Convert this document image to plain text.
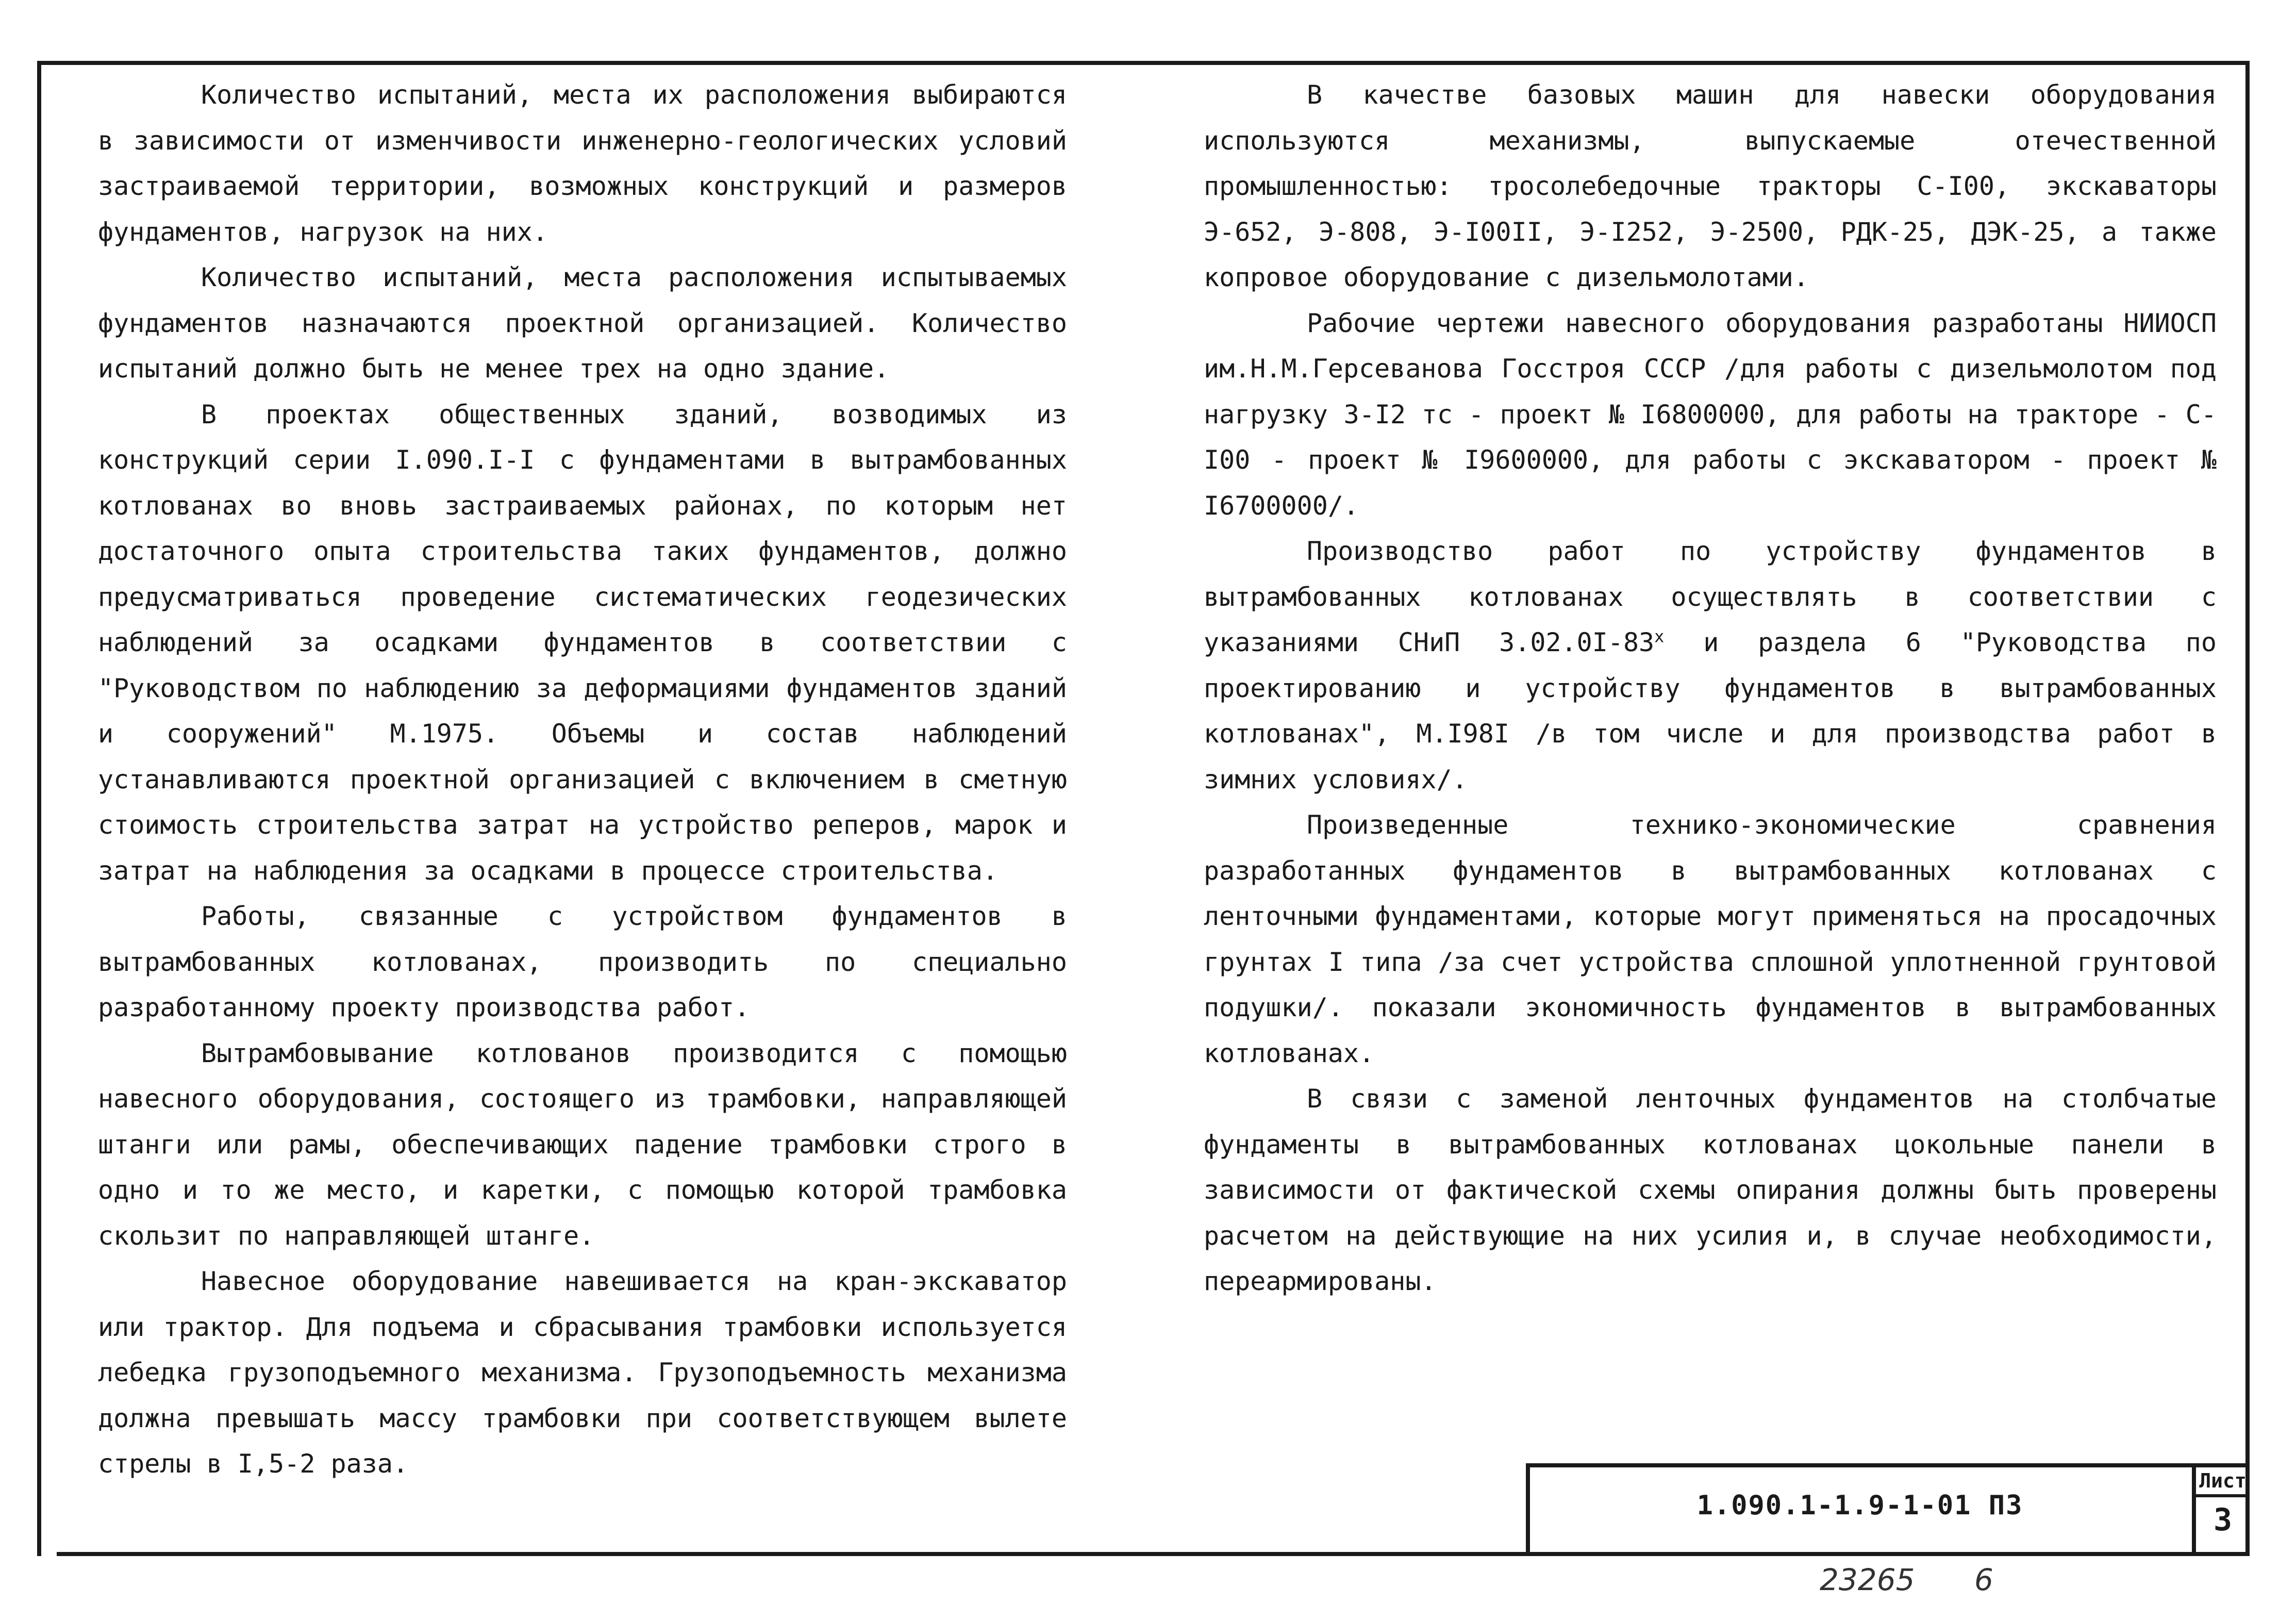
Количество испытаний, места их расположения выбираются в зависимости от изменчивости инженерно-геологических условий застраиваемой территории, возможных конструкций и размеров фундаментов, нагрузок на них.

Количество испытаний, места расположения испытываемых фундаментов назначаются проектной организацией. Количество испытаний должно быть не менее трех на одно здание.

В проектах общественных зданий, возводимых из конструкций серии I.090.I-I с фундаментами в вытрамбованных котлованах во вновь застраиваемых районах, по которым нет достаточного опыта строительства таких фундаментов, должно предусматриваться проведение систематических геодезических наблюдений за осадками фундаментов в соответствии с "Руководством по наблюдению за деформациями фундаментов зданий и сооружений" М.1975. Объемы и состав наблюдений устанавливаются проектной организацией с включением в сметную стоимость строительства затрат на устройство реперов, марок и затрат на наблюдения за осадками в процессе строительства.

Работы, связанные с устройством фундаментов в вытрамбованных котлованах, производить по специально разработанному проекту производства работ.

Вытрамбовывание котлованов производится с помощью навесного оборудования, состоящего из трамбовки, направляющей штанги или рамы, обеспечивающих падение трамбовки строго в одно и то же место, и каретки, с помощью которой трамбовка скользит по направляющей штанге.

Навесное оборудование навешивается на кран-экскаватор или трактор. Для подъема и сбрасывания трамбовки используется лебедка грузоподъемного механизма. Грузоподъемность механизма должна превышать массу трамбовки при соответствующем вылете стрелы в I,5-2 раза.

В качестве базовых машин для навески оборудования используются механизмы, выпускаемые отечественной промышленностью: тросолебедочные тракторы С-I00, экскаваторы Э-652, Э-808, Э-I00II, Э-I252, Э-2500, РДК-25, ДЭК-25, а также копровое оборудование с дизельмолотами.

Рабочие чертежи навесного оборудования разработаны НИИОСП им.Н.М.Герсеванова Госстроя СССР /для работы с дизельмолотом под нагрузку 3-I2 тс - проект № I6800000, для работы на тракторе - С-I00 - проект № I9600000, для работы с экскаватором - проект № I6700000/.

Производство работ по устройству фундаментов в вытрамбованных котлованах осуществлять в соответствии с указаниями СНиП $3.02.0I-83^х$ и раздела 6 "Руководства по проектированию и устройству фундаментов в вытрамбованных котлованах", М.I98I /в том числе и для производства работ в зимних условиях/.

Произведенные технико-экономические сравнения разработанных фундаментов в вытрамбованных котлованах с ленточными фундаментами, которые могут применяться на просадочных грунтах I типа /за счет устройства сплошной уплотненной грунтовой подушки/. показали экономичность фундаментов в вытрамбованных котлованах.

В связи с заменой ленточных фундаментов на столбчатые фундаменты в вытрамбованных котлованах цокольные панели в зависимости от фактической схемы опирания должны быть проверены расчетом на действующие на них усилия и, в случае необходимости, переармированы.

1.090.1-1.9-1-01 ПЗ
Лист
3
23265 6
